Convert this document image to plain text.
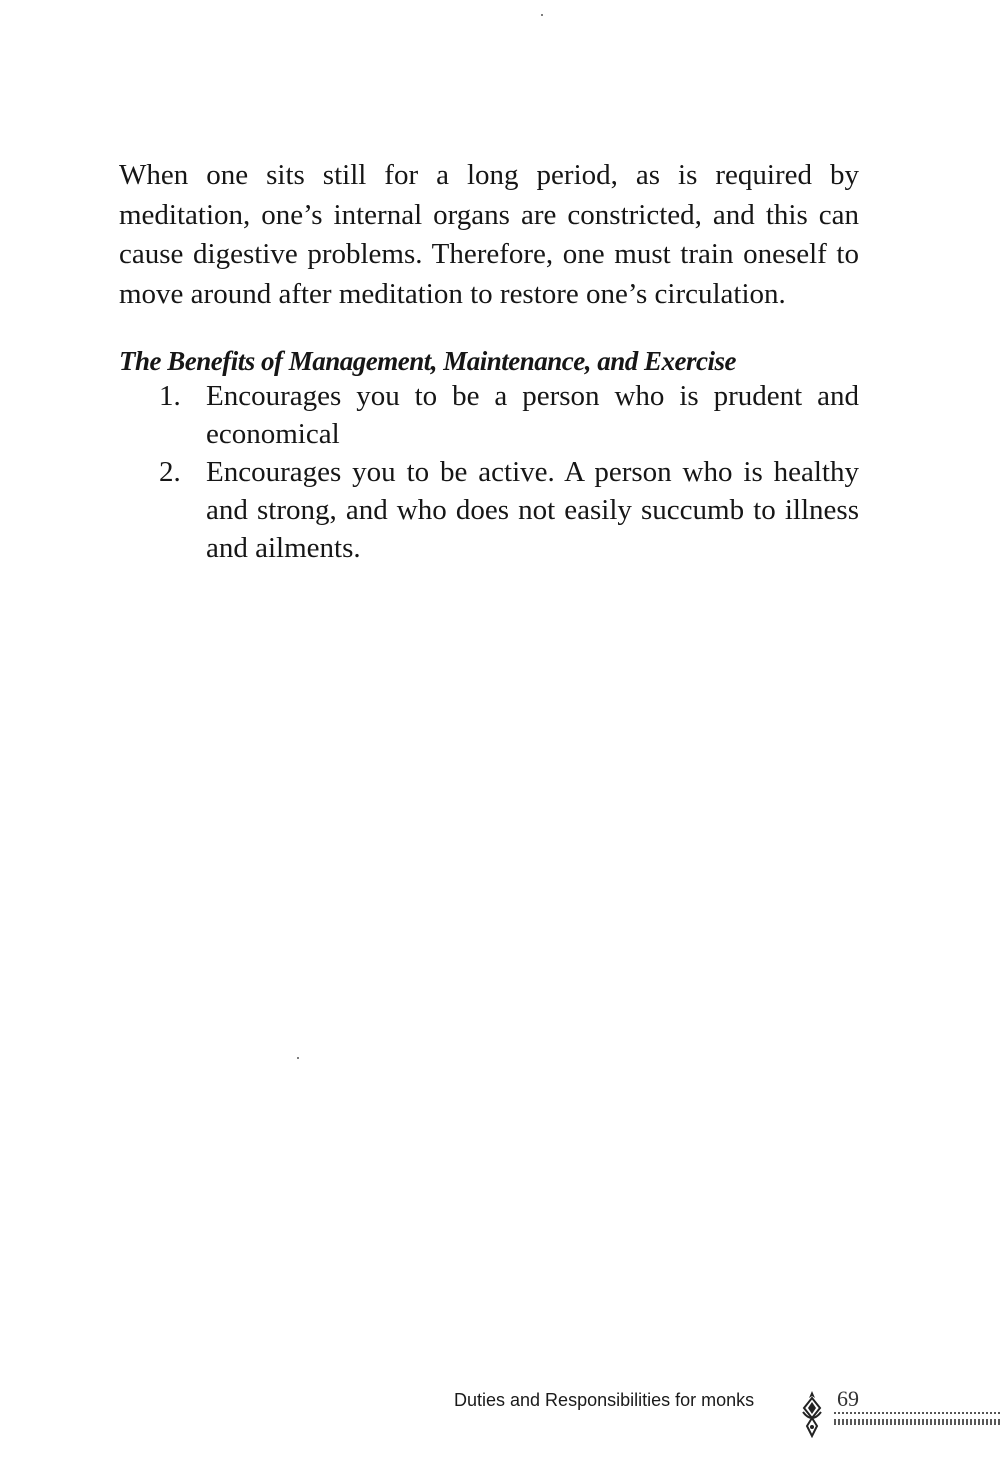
When one sits still for a long period, as is required by meditation, one’s internal organs are constricted, and this can cause digestive problems. Therefore, one must train oneself to move around after meditation to restore one’s circulation.

The Benefits of Management, Maintenance, and Exercise
1. Encourages you to be a person who is prudent and economical
2. Encourages you to be active. A person who is healthy and strong, and who does not easily succumb to illness and ailments.
Duties and Responsibilities for monks	69
